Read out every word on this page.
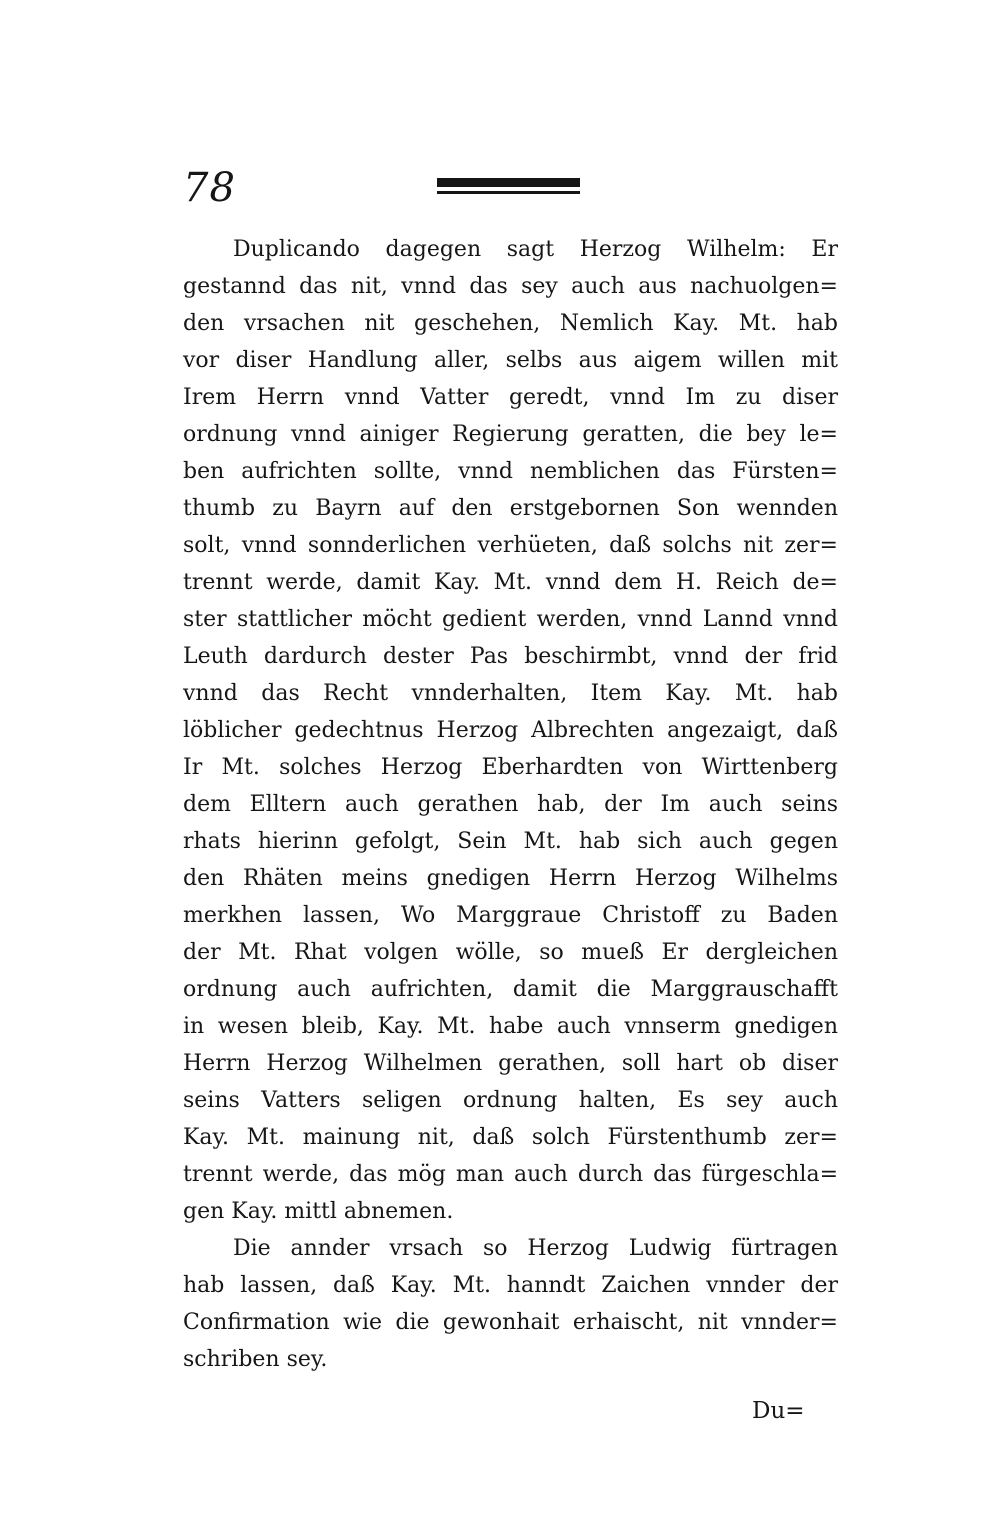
78

Duplicando dagegen sagt Herzog Wilhelm: Er
gestannd das nit, vnnd das sey auch aus nachuolgen=
den vrsachen nit geschehen, Nemlich Kay. Mt. hab
vor diser Handlung aller, selbs aus aigem willen mit
Irem Herrn vnnd Vatter geredt, vnnd Im zu diser
ordnung vnnd ainiger Regierung geratten, die bey le=
ben aufrichten sollte, vnnd nemblichen das Fürsten=
thumb zu Bayrn auf den erstgebornen Son wennden
solt, vnnd sonnderlichen verhüeten, daß solchs nit zer=
trennt werde, damit Kay. Mt. vnnd dem H. Reich de=
ster stattlicher möcht gedient werden, vnnd Lannd vnnd
Leuth dardurch dester Pas beschirmbt, vnnd der frid
vnnd das Recht vnnderhalten, Item Kay. Mt. hab
löblicher gedechtnus Herzog Albrechten angezaigt, daß
Ir Mt. solches Herzog Eberhardten von Wirttenberg
dem Elltern auch gerathen hab, der Im auch seins
rhats hierinn gefolgt, Sein Mt. hab sich auch gegen
den Rhäten meins gnedigen Herrn Herzog Wilhelms
merkhen lassen, Wo Marggraue Christoff zu Baden
der Mt. Rhat volgen wölle, so mueß Er dergleichen
ordnung auch aufrichten, damit die Marggrauschafft
in wesen bleib, Kay. Mt. habe auch vnnserm gnedigen
Herrn Herzog Wilhelmen gerathen, soll hart ob diser
seins Vatters seligen ordnung halten, Es sey auch
Kay. Mt. mainung nit, daß solch Fürstenthumb zer=
trennt werde, das mög man auch durch das fürgeschla=
gen Kay. mittl abnemen.

Die annder vrsach so Herzog Ludwig fürtragen
hab lassen, daß Kay. Mt. hanndt Zaichen vnnder der
Confirmation wie die gewonhait erhaischt, nit vnnder=
schriben sey.

Du=
